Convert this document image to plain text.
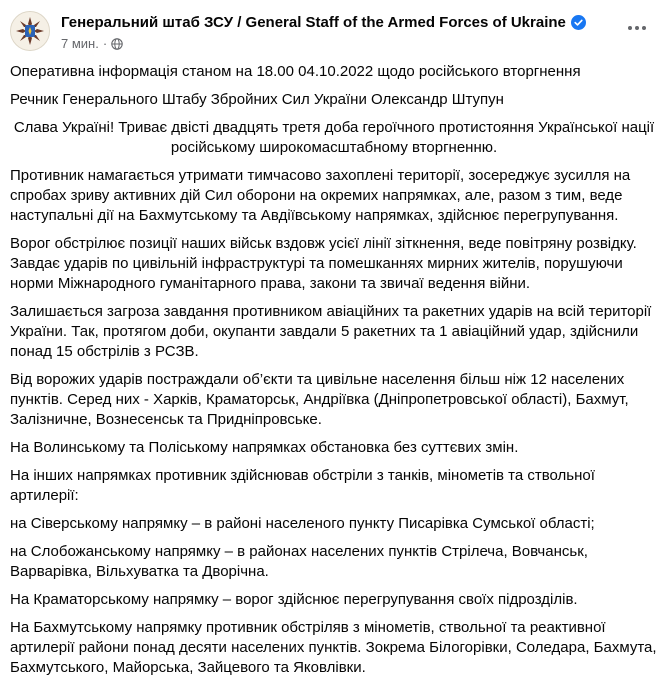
Генеральний штаб ЗСУ / General Staff of the Armed Forces of Ukraine
7 мин. ·

Оперативна інформація станом на 18.00 04.10.2022 щодо російського вторгнення

Речник Генерального Штабу Збройних Сил України Олександр Штупун

Слава Україні! Триває двісті двадцять третя доба героїчного протистояння Української нації російському широкомасштабному вторгненню.

Противник намагається утримати тимчасово захоплені території, зосереджує зусилля на спробах зриву активних дій Сил оборони на окремих напрямках, але, разом з тим, веде наступальні дії на Бахмутському та Авдіївському напрямках, здійснює перегрупування.

Ворог обстрілює позиції наших військ вздовж усієї лінії зіткнення, веде повітряну розвідку. Завдає ударів по цивільній інфраструктурі та помешканнях мирних жителів, порушуючи норми Міжнародного гуманітарного права, закони та звичаї ведення війни.

Залишається загроза завдання противником авіаційних та ракетних ударів на всій території України. Так, протягом доби, окупанти завдали 5 ракетних та 1 авіаційний удар, здійснили понад 15 обстрілів з РСЗВ.

Від ворожих ударів постраждали об’єкти та цивільне населення більш ніж 12 населених пунктів. Серед них - Харків, Краматорськ, Андріївка (Дніпропетровської області), Бахмут, Залізничне, Вознесенськ та Придніпровське.

На Волинському та Поліському напрямках обстановка без суттєвих змін.

На інших напрямках противник здійснював обстріли з танків, мінометів та ствольної артилерії:

на Сіверському напрямку – в районі населеного пункту Писарівка Сумської області;

на Слобожанському напрямку – в районах населених пунктів Стрілеча, Вовчанськ, Варварівка, Вільхуватка та Дворічна.

На Краматорському напрямку – ворог здійснює перегрупування своїх підрозділів.

На Бахмутському напрямку противник обстріляв з мінометів, ствольної та реактивної артилерії райони понад десяти населених пунктів. Зокрема Білогорівки, Соледара, Бахмута, Бахмутського, Майорська, Зайцевого та Яковлівки.
